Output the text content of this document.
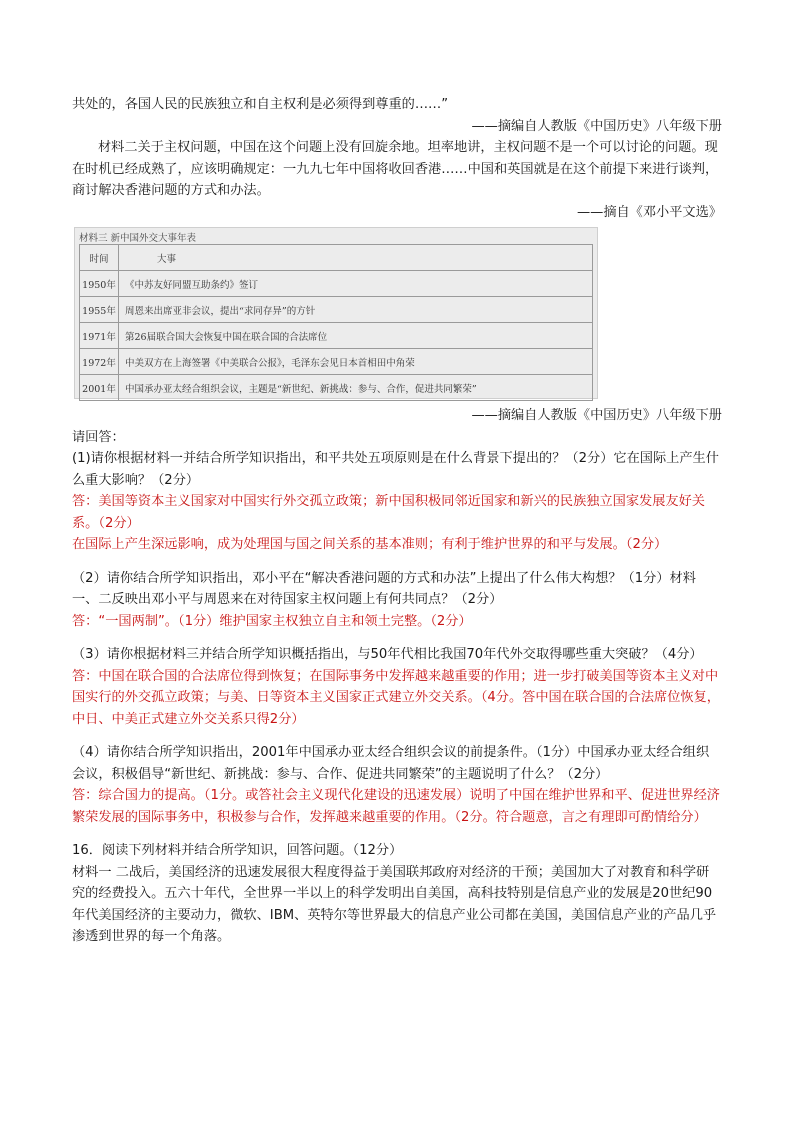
共处的，各国人民的民族独立和自主权利是必须得到尊重的……”

——摘编自人教版《中国历史》八年级下册

材料二关于主权问题，中国在这个问题上没有回旋余地。坦率地讲，主权问题不是一个可以讨论的问题。现在时机已经成熟了，应该明确规定：一九九七年中国将收回香港……中国和英国就是在这个前提下来进行谈判，商讨解决香港问题的方式和办法。

——摘自《邓小平文选》

材料三 新中国外交大事年表
时间	大事
1950年 《中苏友好同盟互助条约》签订
1955年 周恩来出席亚非会议，提出“求同存异”的方针
1971年 第26届联合国大会恢复中国在联合国的合法席位
1972年 中美双方在上海签署《中美联合公报》，毛泽东会见日本首相田中角荣
2001年 中国承办亚太经合组织会议，主题是“新世纪、新挑战：参与、合作，促进共同繁荣”

——摘编自人教版《中国历史》八年级下册

请回答：

(1)请你根据材料一并结合所学知识指出，和平共处五项原则是在什么背景下提出的？（2分）它在国际上产生什么重大影响？（2分）

答：美国等资本主义国家对中国实行外交孤立政策；新中国积极同邻近国家和新兴的民族独立国家发展友好关系。（2分）

在国际上产生深远影响，成为处理国与国之间关系的基本准则；有利于维护世界的和平与发展。（2分）

（2）请你结合所学知识指出，邓小平在“解决香港问题的方式和办法”上提出了什么伟大构想？（1分）材料一、二反映出邓小平与周恩来在对待国家主权问题上有何共同点？（2分）

答：“一国两制”。（1分）维护国家主权独立自主和领土完整。（2分）

（3）请你根据材料三并结合所学知识概括指出，与50年代相比我国70年代外交取得哪些重大突破？（4分）

答：中国在联合国的合法席位得到恢复；在国际事务中发挥越来越重要的作用；进一步打破美国等资本主义对中国实行的外交孤立政策；与美、日等资本主义国家正式建立外交关系。（4分。答中国在联合国的合法席位恢复，中日、中美正式建立外交关系只得2分）

（4）请你结合所学知识指出，2001年中国承办亚太经合组织会议的前提条件。（1分）中国承办亚太经合组织会议，积极倡导“新世纪、新挑战：参与、合作、促进共同繁荣”的主题说明了什么？（2分）

答：综合国力的提高。（1分。或答社会主义现代化建设的迅速发展）说明了中国在维护世界和平、促进世界经济繁荣发展的国际事务中，积极参与合作，发挥越来越重要的作用。（2分。符合题意，言之有理即可酌情给分）

16．阅读下列材料并结合所学知识，回答问题。（12分）

材料一 二战后，美国经济的迅速发展很大程度得益于美国联邦政府对经济的干预；美国加大了对教育和科学研究的经费投入。五六十年代，全世界一半以上的科学发明出自美国，高科技特别是信息产业的发展是20世纪90年代美国经济的主要动力，微软、IBM、英特尔等世界最大的信息产业公司都在美国，美国信息产业的产品几乎渗透到世界的每一个角落。
